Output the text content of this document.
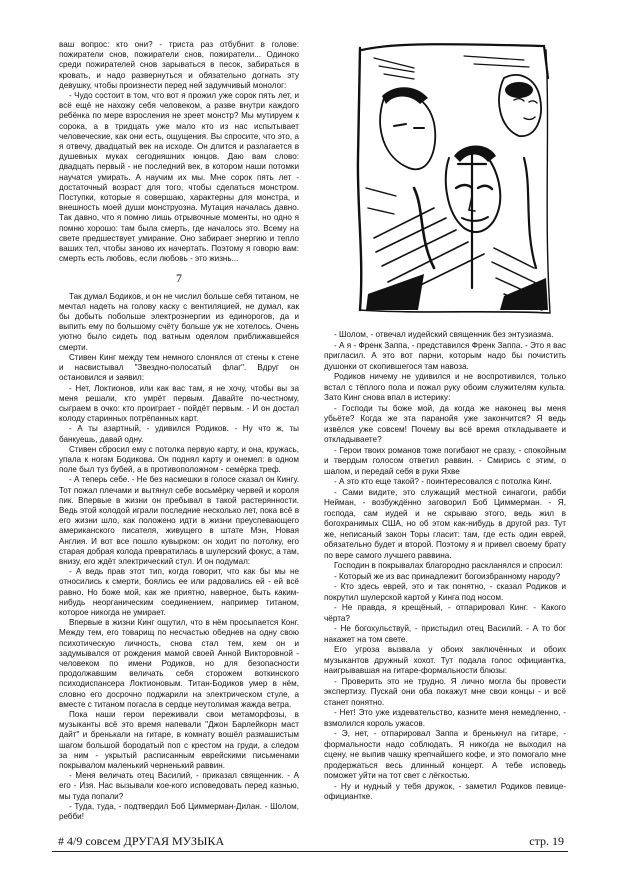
ваш вопрос: кто они? - триста раз отбубнит в голове: пожиратели снов, пожиратели снов, пожиратели... Одиноко среди пожирателей снов зарываться в песок, забираться в кровать, и надо развернуться и обязательно догнать эту девушку, чтобы произнести перед ней задумчивый монолог:

- Чудо состоит в том, что вот я прожил уже сорок пять лет, и всё ещё не нахожу себя человеком, а разве внутри каждого ребёнка по мере взросления не зреет монстр? Мы мутируем к сорока, а в тридцать уже мало кто из нас испытывает человеческие, как они есть, ощущения. Вы спросите, что это, а я отвечу, двадцатый век на исходе. Он длится и разлагается в душевных муках сегодняшних юнцов. Даю вам слово: двадцать первый - не последний век, в котором наши потомки научатся умирать. А научим их мы. Мне сорок пять лет - достаточный возраст для того, чтобы сделаться монстром. Поступки, которые я совершаю, характерны для монстра, и внешность моей души монструозна. Мутация началась давно. Так давно, что я помню лишь отрывочные моменты, но одно я помню хорошо: там была смерть, где началось это. Всему на свете предшествует умирание. Оно забирает энергию и тепло ваших тел, чтобы заново их начертать. Поэтому я говорю вам: смерть есть любовь, если любовь - это жизнь...

7

Так думал Бодиков, и он не числил больше себя титаном, не мечтал надеть на голову каску с вентиляцией, не думал, как бы добыть побольше электроэнергии из единорогов, да и выпить ему по большому счёту больше уж не хотелось. Очень уютно было сидеть под ватным одеялом приближавшейся смерти.

Стивен Кинг между тем немного слонялся от стены к стене и насвистывал "Звездно-полосатый флаг". Вдруг он остановился и заявил:

- Нет, Локтионов, или как вас там, я не хочу, чтобы вы за меня решали, кто умрёт первым. Давайте по-честному, сыграем в очко: кто проиграет - пойдёт первым. - И он достал колоду старинных потрёпанных карт.

- А ты азартный, - удивился Родиков. - Ну что ж, ты банкуешь, давай одну.

Стивен сбросил ему с потолка первую карту, и она, кружась, упала к ногам Бодикова. Он поднял карту и онемел: в одном поле был туз бубей, а в противоположном - семёрка треф.

- А теперь себе. - Не без насмешки в голосе сказал он Кингу. Тот пожал плечами и вытянул себе восьмёрку червей и короля пик. Впервые в жизни он пребывал в такой растерянности. Ведь этой колодой играли последние несколько лет, пока всё в его жизни шло, как положено идти в жизни преуспевающего американского писателя, живущего в штате Мэн, Новая Англия. И вот все пошло кувырком: он ходит по потолку, его старая добрая колода превратилась в шулерский фокус, а там, внизу, его ждёт электрический стул. И он подумал:

- А ведь прав этот тип, когда говорит, что как бы мы не относились к смерти, боялись ее или радовались ей - ей всё равно. Но боже мой, как же приятно, наверное, быть каким-нибудь неорганическим соединением, например титаном, которое никогда не умирает.

Впервые в жизни Кинг ощутил, что в нём просыпается Конг. Между тем, его товарищ по несчастью обеднев на одну свою психотическую личность, снова стал тем, кем он и задумывался от рождения мамой своей Анной Викторовной - человеком по имени Родиков, но для безопасности продолжавшим величать себя сторожем воткинского психодиспансера Локтионовым. Титан-Бодиков умер в нём, словно его досрочно поджарили на электрическом стуле, а вместе с титаном погасла в сердце неутолимая жажда ветра.

Пока наши герои переживали свои метаморфозы, в музыканты всё это время напевали "Джон Барлейкорн маст дайт" и бренькали на гитаре, в комнату вошёл размашистым шагом большой бородатый поп с крестом на груди, а следом за ним - укрытый расписанным еврейскими письменами покрывалом маленький черненький раввин.

- Меня величать отец Василий, - приказал священник. - А его - Изя. Нас вызывали кое-кого исповедовать перед казнью, мы туда попали?

- Туда, туда, - подтвердил Боб Циммерман-Дилан. - Шолом, ребби!

- Шолом, - отвечал иудейский священник без энтузиазма.

- А я - Френк Заппа, - представился Френк Заппа. - Это я вас пригласил. А это вот парни, которым надо бы почистить душонки от скопившегося там навоза.

Родиков ничему не удивился и не воспротивился, только встал с тёплого пола и пожал руку обоим служителям культа. Зато Кинг снова впал в истерику:

- Господи ты боже мой, да когда же наконец вы меня убьёте? Когда же эта паранойя уже закончится? Я ведь извёлся уже совсем! Почему вы всё время откладываете и откладываете?

- Герои твоих романов тоже погибают не сразу, - спокойным и твердым голосом ответил раввин. - Смирись с этим, о шалом, и передай себя в руки Яхве

- А это кто еще такой? - поинтересовался с потолка Кинг.

- Сами видите, это служащий местной синагоги, рабби Нейман, - возбуждённо заговорил Боб Циммерман. - Я, господа, сам иудей и не скрываю этого, ведь жил в богохранимых США, но об этом как-нибудь в другой раз. Тут же, неписаный закон Торы гласит: там, где есть один еврей, обязательно будет и второй. Поэтому я и привел своему брату по вере самого лучшего раввина.

Господин в покрывалах благородно раскланялся и спросил:

- Который же из вас принадлежит богоизбранному народу?

- Кто здесь еврей, это и так понятно, - сказал Родиков и покрутил шулерской картой у Кинга под носом.

- Не правда, я крещёный, - отпарировал Кинг. - Какого чёрта?

- Не богохульствуй, - пристыдил отец Василий. - А то бог накажет на том свете.

Его угроза вызвала у обоих заключённых и обоих музыкантов дружный хохот. Тут подала голос официантка, наигрывавшая на гитаре-формальности блюзы:

- Проверить это не трудно. Я лично могла бы провести экспертизу. Пускай они оба покажут мне свои концы - и всё станет понятно.

- Нет! Это уже издевательство, казните меня немедленно, - взмолился король ужасов.

- Э, нет, - отпарировал Заппа и бренькнул на гитаре, - формальности надо соблюдать. Я никогда не выходил на сцену, не выпив чашку крепчайшего кофе, и это помогало мне продержаться весь длинный концерт. А тебе исповедь поможет уйти на тот свет с лёгкостью.

- Ну и нудный у тебя дружок, - заметил Родиков певице-официантке.

# 4/9 совсем ДРУГАЯ МУЗЫКА	стр. 19
